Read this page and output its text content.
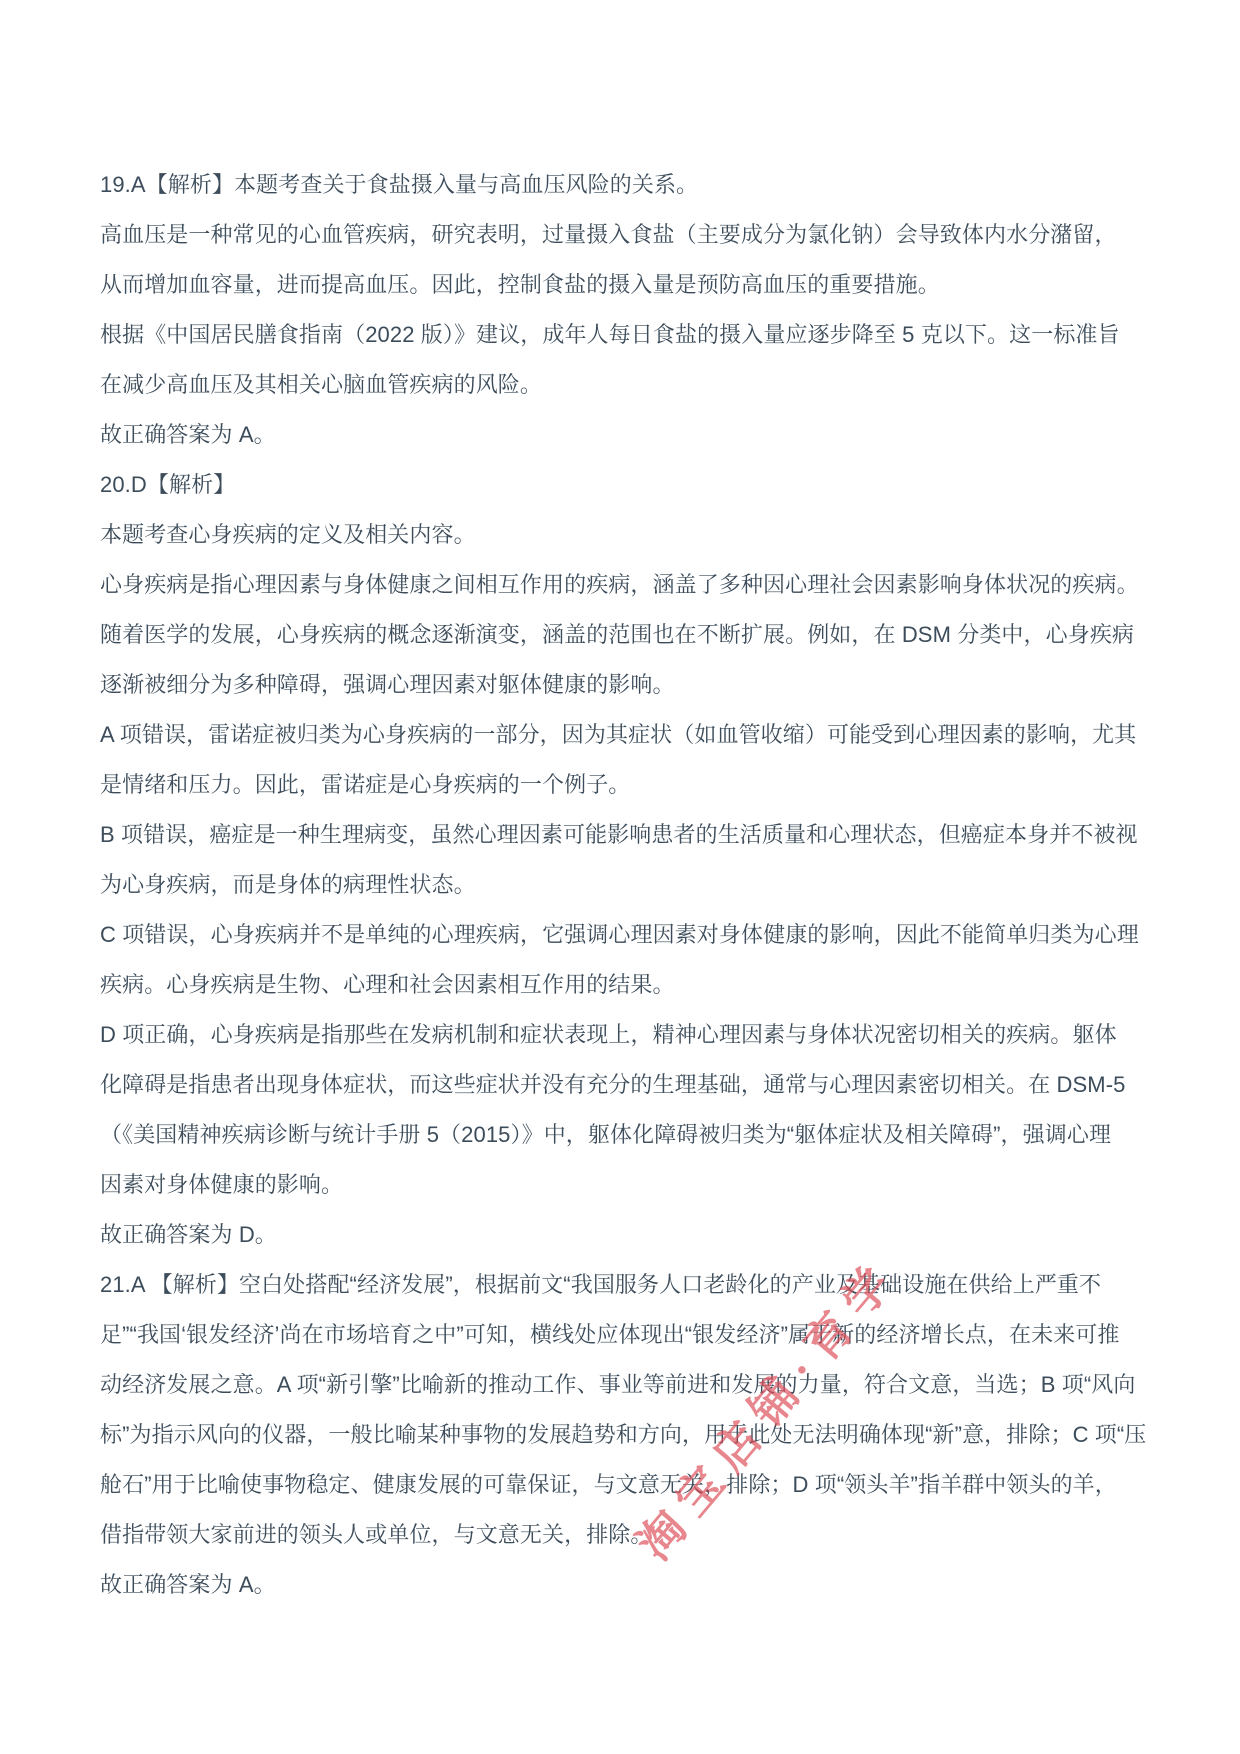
19.A【解析】本题考查关于食盐摄入量与高血压风险的关系。
高血压是一种常见的心血管疾病，研究表明，过量摄入食盐（主要成分为氯化钠）会导致体内水分潴留，
从而增加血容量，进而提高血压。因此，控制食盐的摄入量是预防高血压的重要措施。
根据《中国居民膳食指南（2022 版）》建议，成年人每日食盐的摄入量应逐步降至 5 克以下。这一标准旨
在减少高血压及其相关心脑血管疾病的风险。
故正确答案为 A。
20.D【解析】
本题考查心身疾病的定义及相关内容。
心身疾病是指心理因素与身体健康之间相互作用的疾病，涵盖了多种因心理社会因素影响身体状况的疾病。
随着医学的发展，心身疾病的概念逐渐演变，涵盖的范围也在不断扩展。例如，在 DSM 分类中，心身疾病
逐渐被细分为多种障碍，强调心理因素对躯体健康的影响。
A 项错误，雷诺症被归类为心身疾病的一部分，因为其症状（如血管收缩）可能受到心理因素的影响，尤其
是情绪和压力。因此，雷诺症是心身疾病的一个例子。
B 项错误，癌症是一种生理病变，虽然心理因素可能影响患者的生活质量和心理状态，但癌症本身并不被视
为心身疾病，而是身体的病理性状态。
C 项错误，心身疾病并不是单纯的心理疾病，它强调心理因素对身体健康的影响，因此不能简单归类为心理
疾病。心身疾病是生物、心理和社会因素相互作用的结果。
D 项正确，心身疾病是指那些在发病机制和症状表现上，精神心理因素与身体状况密切相关的疾病。躯体
化障碍是指患者出现身体症状，而这些症状并没有充分的生理基础，通常与心理因素密切相关。在 DSM-5
（《美国精神疾病诊断与统计手册 5（2015）》中，躯体化障碍被归类为“躯体症状及相关障碍”，强调心理
因素对身体健康的影响。
故正确答案为 D。
21.A 【解析】空白处搭配“经济发展”，根据前文“我国服务人口老龄化的产业及基础设施在供给上严重不
足”“我国‘银发经济’尚在市场培育之中”可知，横线处应体现出“银发经济”属于新的经济增长点，在未来可推
动经济发展之意。A 项“新引擎”比喻新的推动工作、事业等前进和发展的力量，符合文意，当选；B 项“风向
标”为指示风向的仪器，一般比喻某种事物的发展趋势和方向，用于此处无法明确体现“新”意，排除；C 项“压
舱石”用于比喻使事物稳定、健康发展的可靠保证，与文意无关，排除；D 项“领头羊”指羊群中领头的羊，
借指带领大家前进的领头人或单位，与文意无关，排除。
故正确答案为 A。
淘宝店铺·育学
